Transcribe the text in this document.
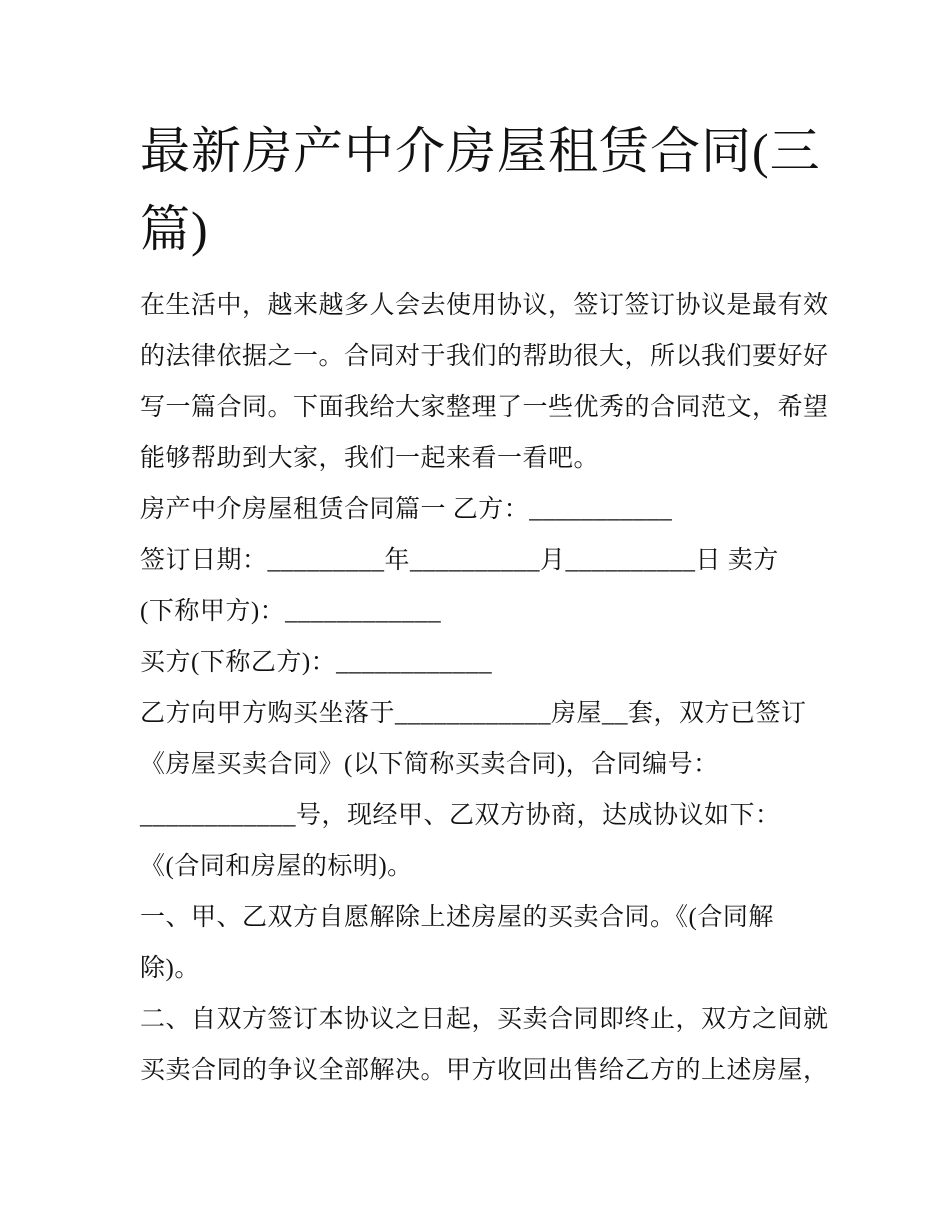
最新房产中介房屋租赁合同(三
篇)
在生活中，越来越多人会去使用协议，签订签订协议是最有效
的法律依据之一。合同对于我们的帮助很大，所以我们要好好
写一篇合同。下面我给大家整理了一些优秀的合同范文，希望
能够帮助到大家，我们一起来看一看吧。
房产中介房屋租赁合同篇一 乙方：___________
签订日期：_________年__________月__________日 卖方
(下称甲方)：____________
买方(下称乙方)：____________
乙方向甲方购买坐落于____________房屋__套，双方已签订
《房屋买卖合同》(以下简称买卖合同)，合同编号：
____________号，现经甲、乙双方协商，达成协议如下：
《(合同和房屋的标明)。
一、甲、乙双方自愿解除上述房屋的买卖合同。《(合同解
除)。
二、自双方签订本协议之日起，买卖合同即终止，双方之间就
买卖合同的争议全部解决。甲方收回出售给乙方的上述房屋，
